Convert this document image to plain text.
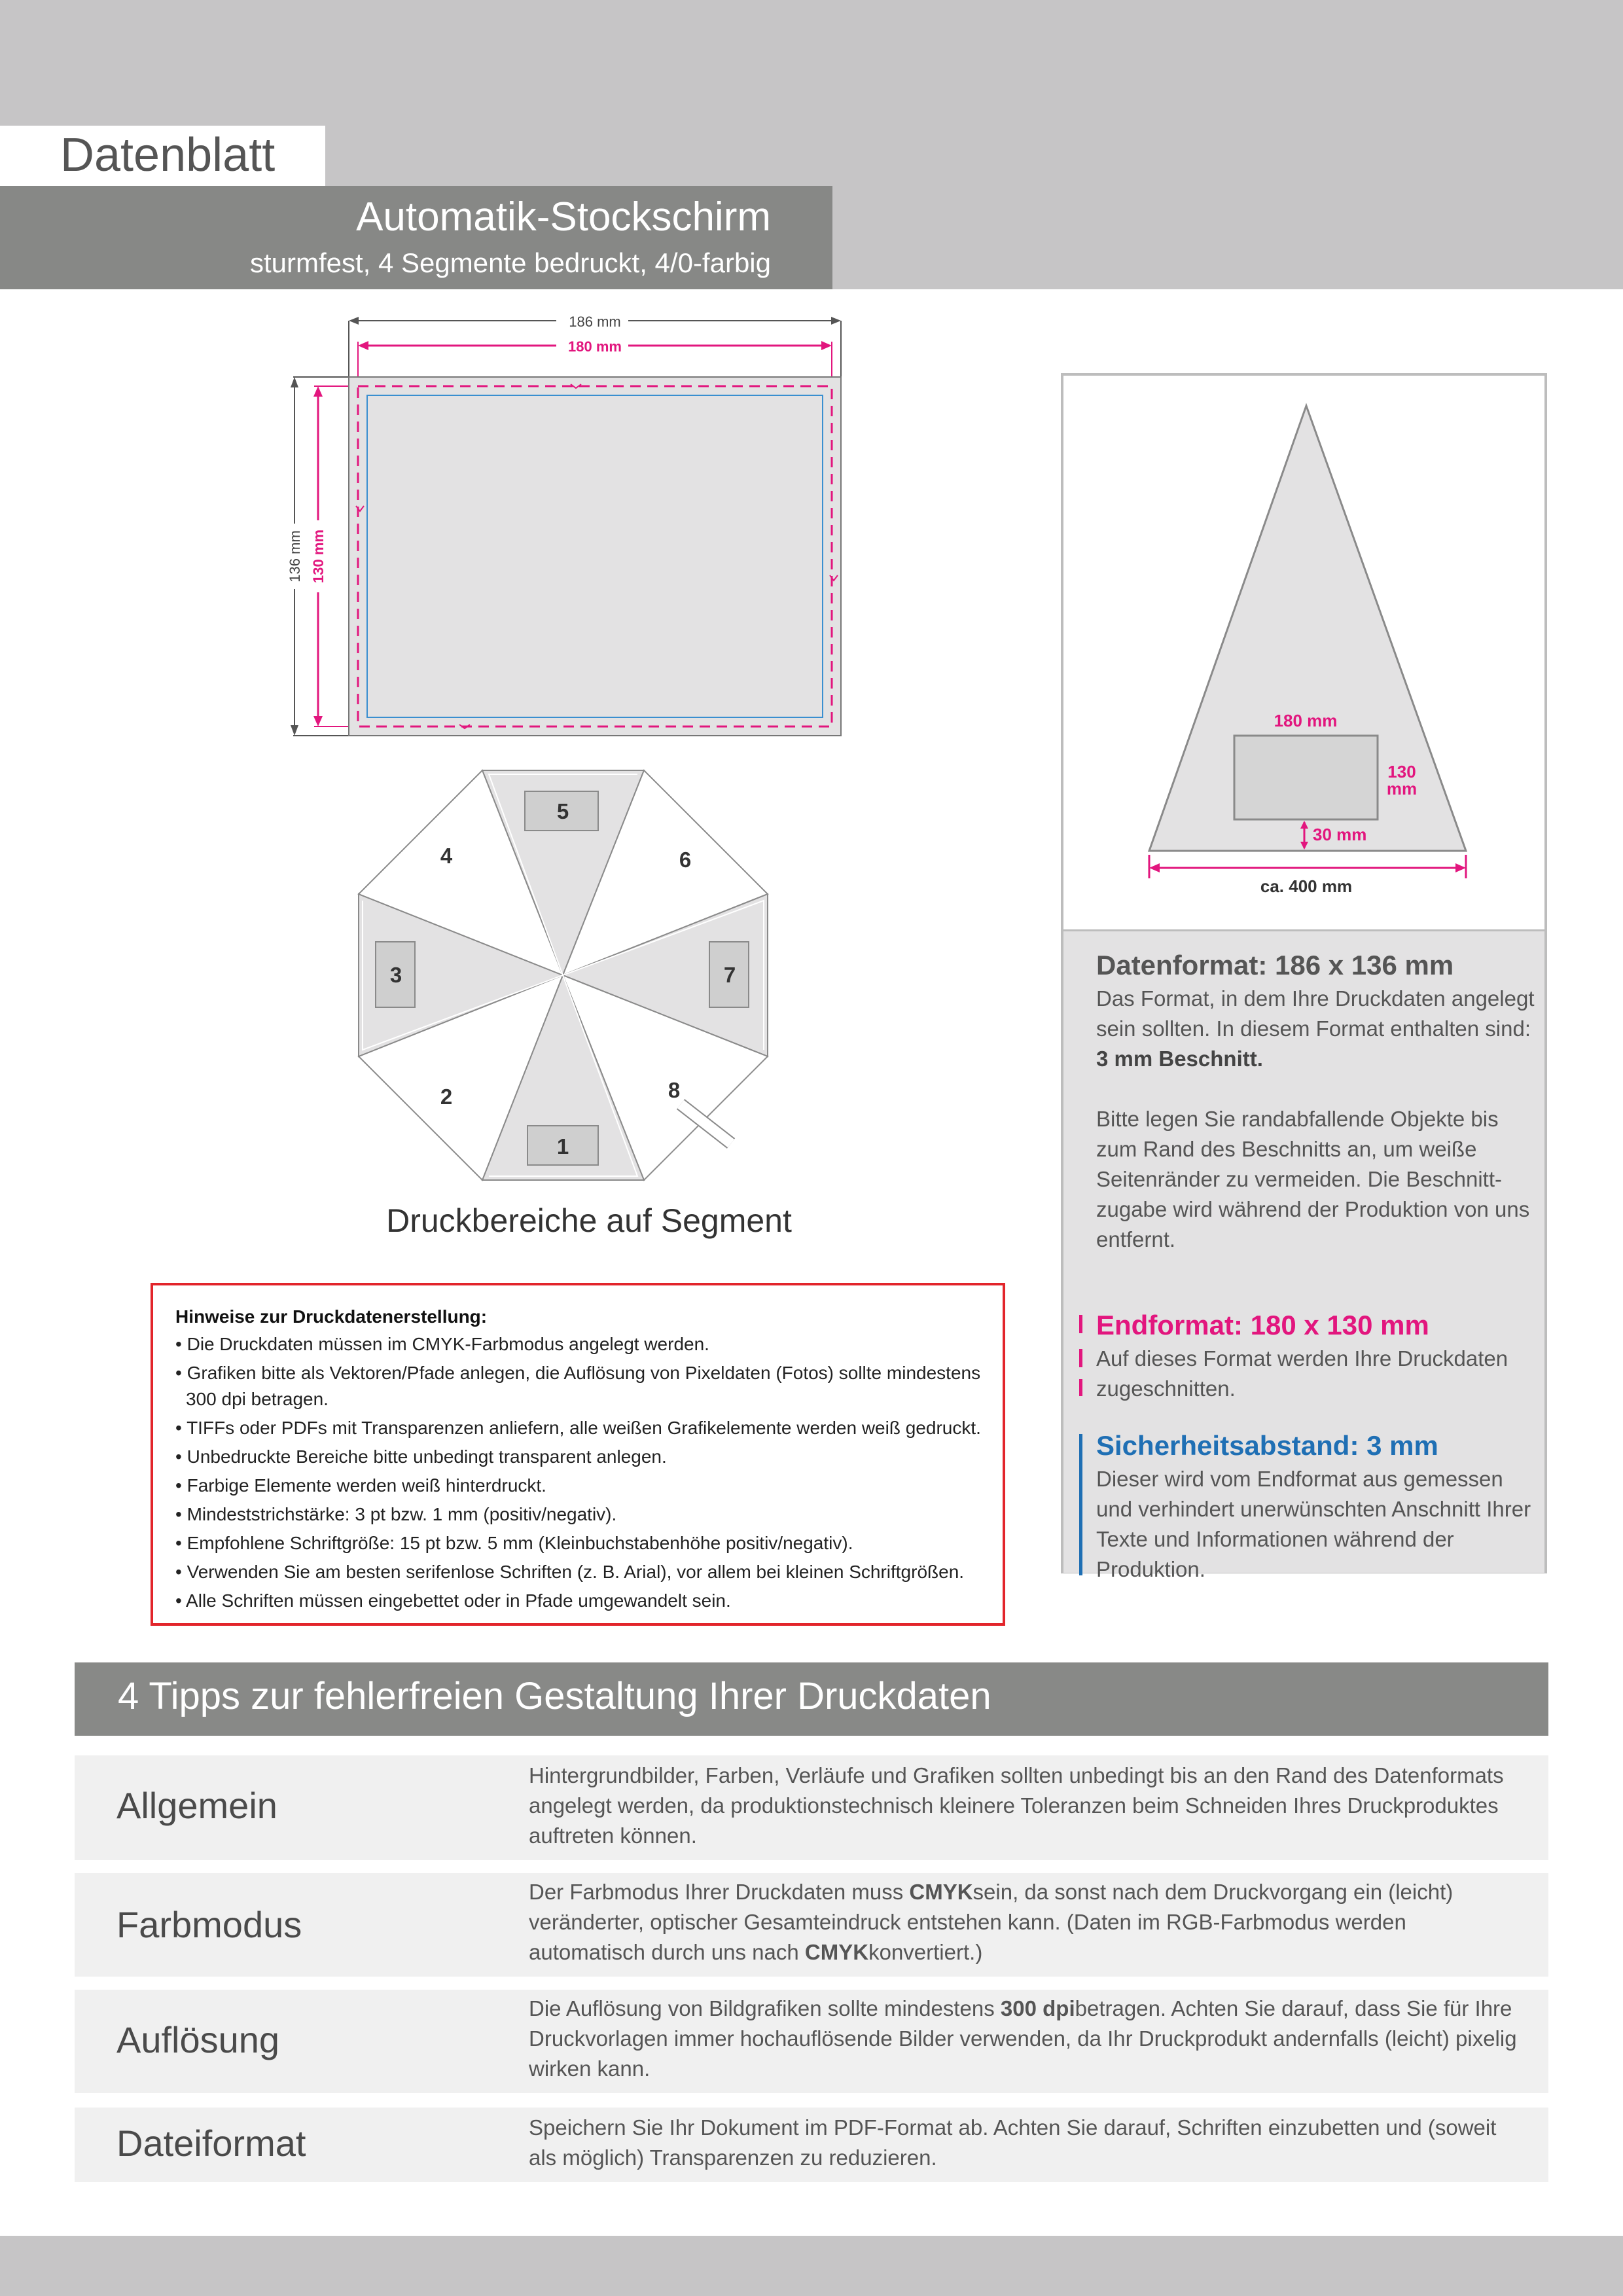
Datenblatt
Automatik-Stockschirm
sturmfest, 4 Segmente bedruckt, 4/0-farbig
186 mm
180 mm
136 mm 130 mm
1
2
3
4
5
6
7
8
Druckbereiche auf Segment
Hinweise zur Druckdatenerstellung:
• Die Druckdaten müssen im CMYK-Farbmodus angelegt werden.
• Grafiken bitte als Vektoren/Pfade anlegen, die Auflösung von Pixeldaten (Fotos) sollte mindestens 300 dpi betragen.
• TIFFs oder PDFs mit Transparenzen anliefern, alle weißen Grafikelemente werden weiß gedruckt.
• Unbedruckte Bereiche bitte unbedingt transparent anlegen.
• Farbige Elemente werden weiß hinterdruckt.
• Mindeststrichstärke: 3 pt bzw. 1 mm (positiv/negativ).
• Empfohlene Schriftgröße: 15 pt bzw. 5 mm (Kleinbuchstabenhöhe positiv/negativ).
• Verwenden Sie am besten serifenlose Schriften (z. B. Arial), vor allem bei kleinen Schriftgrößen.
• Alle Schriften müssen eingebettet oder in Pfade umgewandelt sein.
180 mm
130
mm
30 mm
ca. 400 mm
Datenformat: 186 x 136 mm
Das Format, in dem Ihre Druckdaten angelegt sein sollten. In diesem Format enthalten sind: 3 mm Beschnitt.
Bitte legen Sie randabfallende Objekte bis zum Rand des Beschnitts an, um weiße Seitenränder zu vermeiden. Die Beschnitt-zugabe wird während der Produktion von uns entfernt.
Endformat: 180 x 130 mm
Auf dieses Format werden Ihre Druckdaten zugeschnitten.
Sicherheitsabstand: 3 mm
Dieser wird vom Endformat aus gemessen und verhindert unerwünschten Anschnitt Ihrer Texte und Informationen während der Produktion.
4 Tipps zur fehlerfreien Gestaltung Ihrer Druckdaten
Allgemein
Hintergrundbilder, Farben, Verläufe und Grafiken sollten unbedingt bis an den Rand des Datenformats angelegt werden, da produktionstechnisch kleinere Toleranzen beim Schneiden Ihres Druckproduktes auftreten können.
Farbmodus
Der Farbmodus Ihrer Druckdaten muss CMYKsein, da sonst nach dem Druckvorgang ein (leicht) veränderter, optischer Gesamteindruck entstehen kann. (Daten im RGB-Farbmodus werden automatisch durch uns nach CMYKkonvertiert.)
Auflösung
Die Auflösung von Bildgrafiken sollte mindestens 300 dpibetragen. Achten Sie darauf, dass Sie für Ihre Druckvorlagen immer hochauflösende Bilder verwenden, da Ihr Druckprodukt andernfalls (leicht) pixelig wirken kann.
Dateiformat	Speichern Sie Ihr Dokument im PDF-Format ab. Achten Sie darauf, Schriften einzubetten und (soweit als möglich) Transparenzen zu reduzieren.
